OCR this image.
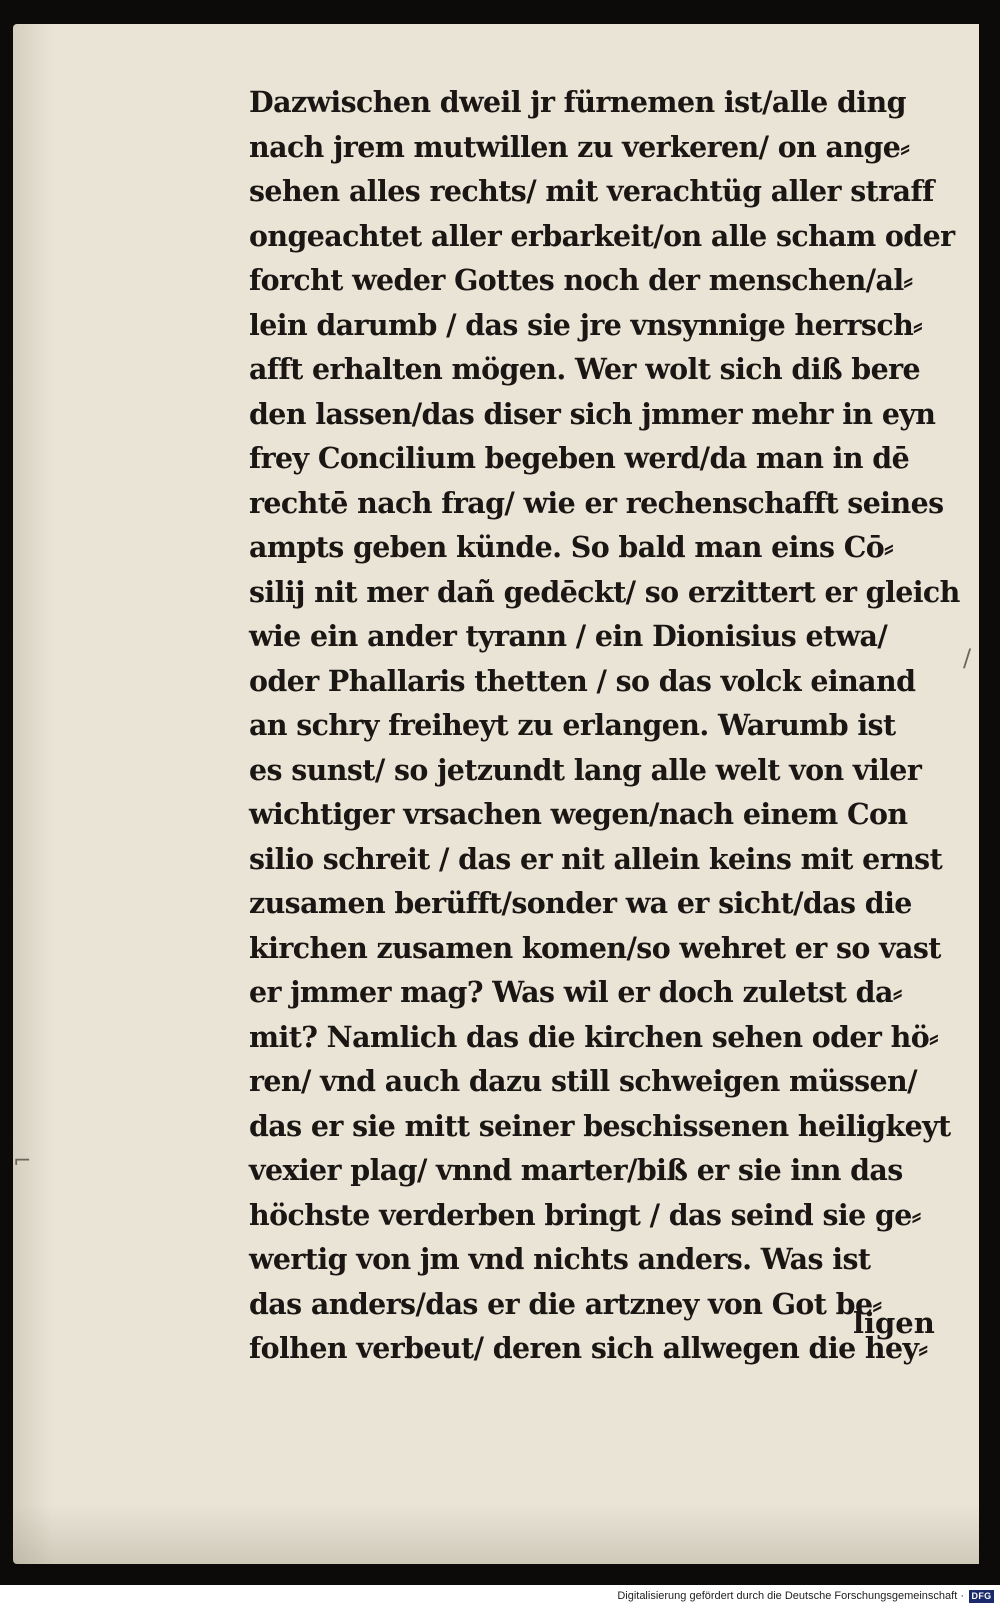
Dazwischen dweil jr fürnemen ist/alle ding
nach jrem mutwillen zu verkeren/ on ange⸗
sehen alles rechts/ mit verachtüg aller straff
ongeachtet aller erbarkeit/on alle scham oder
forcht weder Gottes noch der menschen/al⸗
lein darumb / das sie jre vnsynnige herrsch⸗
afft erhalten mögen. Wer wolt sich diß bere
den lassen/das diser sich jmmer mehr in eyn
frey Concilium begeben werd/da man in dē
rechtē nach frag/ wie er rechenschafft seines
ampts geben künde. So bald man eins Cō⸗
silij nit mer dañ gedēckt/ so erzittert er gleich
wie ein ander tyrann / ein Dionisius etwa/
oder Phallaris thetten / so das volck einand
an schry freiheyt zu erlangen. Warumb ist
es sunst/ so jetzundt lang alle welt von viler
wichtiger vrsachen wegen/nach einem Con
silio schreit / das er nit allein keins mit ernst
zusamen berüfft/sonder wa er sicht/das die
kirchen zusamen komen/so wehret er so vast
er jmmer mag? Was wil er doch zuletst da⸗
mit? Namlich das die kirchen sehen oder hö⸗
ren/ vnd auch dazu still schweigen müssen/
das er sie mitt seiner beschissenen heiligkeyt
vexier plag/ vnnd marter/biß er sie inn das
höchste verderben bringt / das seind sie ge⸗
wertig von jm vnd nichts anders. Was ist
das anders/das er die artzney von Got be⸗
folhen verbeut/ deren sich allwegen die hey⸗
ligen
⌐
∕
Digitalisierung gefördert durch die Deutsche Forschungsgemeinschaft · DFG
